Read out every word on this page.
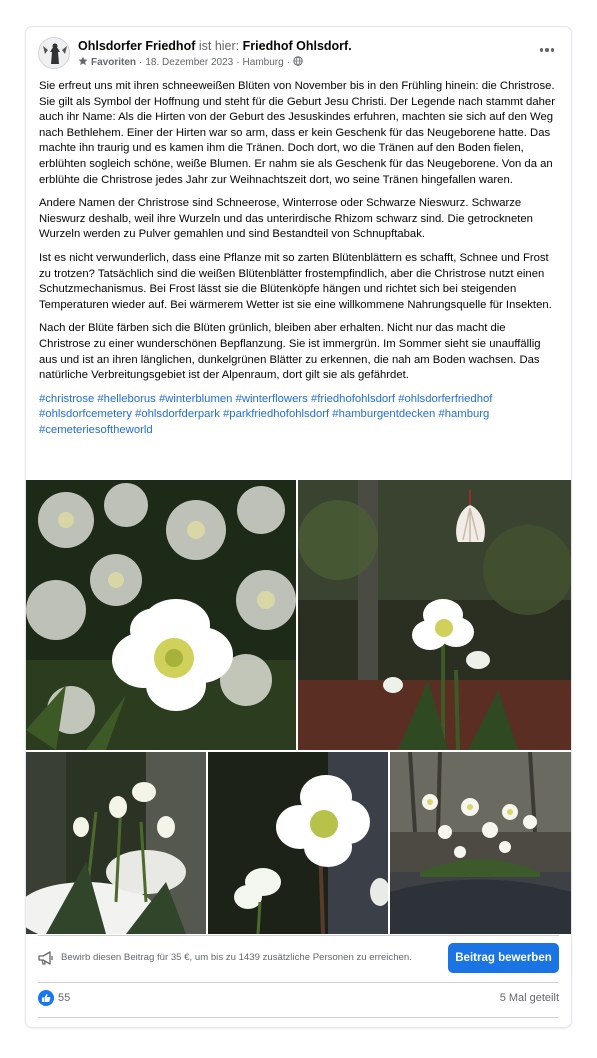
Ohlsdorfer Friedhof ist hier: Friedhof Ohlsdorf.
Favoriten · 18. Dezember 2023 · Hamburg ·

Sie erfreut uns mit ihren schneeweißen Blüten von November bis in den Frühling hinein: die Christrose. Sie gilt als Symbol der Hoffnung und steht für die Geburt Jesu Christi. Der Legende nach stammt daher auch ihr Name: Als die Hirten von der Geburt des Jesuskindes erfuhren, machten sie sich auf den Weg nach Bethlehem. Einer der Hirten war so arm, dass er kein Geschenk für das Neugeborene hatte. Das machte ihn traurig und es kamen ihm die Tränen. Doch dort, wo die Tränen auf den Boden fielen, erblühten sogleich schöne, weiße Blumen. Er nahm sie als Geschenk für das Neugeborene. Von da an erblühte die Christrose jedes Jahr zur Weihnachtszeit dort, wo seine Tränen hingefallen waren.

Andere Namen der Christrose sind Schneerose, Winterrose oder Schwarze Nieswurz. Schwarze Nieswurz deshalb, weil ihre Wurzeln und das unterirdische Rhizom schwarz sind. Die getrockneten Wurzeln werden zu Pulver gemahlen und sind Bestandteil von Schnupftabak.

Ist es nicht verwunderlich, dass eine Pflanze mit so zarten Blütenblättern es schafft, Schnee und Frost zu trotzen? Tatsächlich sind die weißen Blütenblätter frostempfindlich, aber die Christrose nutzt einen Schutzmechanismus. Bei Frost lässt sie die Blütenköpfe hängen und richtet sich bei steigenden Temperaturen wieder auf. Bei wärmerem Wetter ist sie eine willkommene Nahrungsquelle für Insekten.

Nach der Blüte färben sich die Blüten grünlich, bleiben aber erhalten. Nicht nur das macht die Christrose zu einer wunderschönen Bepflanzung. Sie ist immergrün. Im Sommer sieht sie unauffällig aus und ist an ihren länglichen, dunkelgrünen Blätter zu erkennen, die nah am Boden wachsen. Das natürliche Verbreitungsgebiet ist der Alpenraum, dort gilt sie als gefährdet.

#christrose #helleborus #winterblumen #winterflowers #friedhofohlsdorf #ohlsdorferfriedhof #ohlsdorfcemetery #ohlsdorfderpark #parkfriedhofohlsdorf #hamburgentdecken #hamburg #cemeteriesoftheworld

Bewirb diesen Beitrag für 35 €, um bis zu 1439 zusätzliche Personen zu erreichen.	Beitrag bewerben
55	5 Mal geteilt
